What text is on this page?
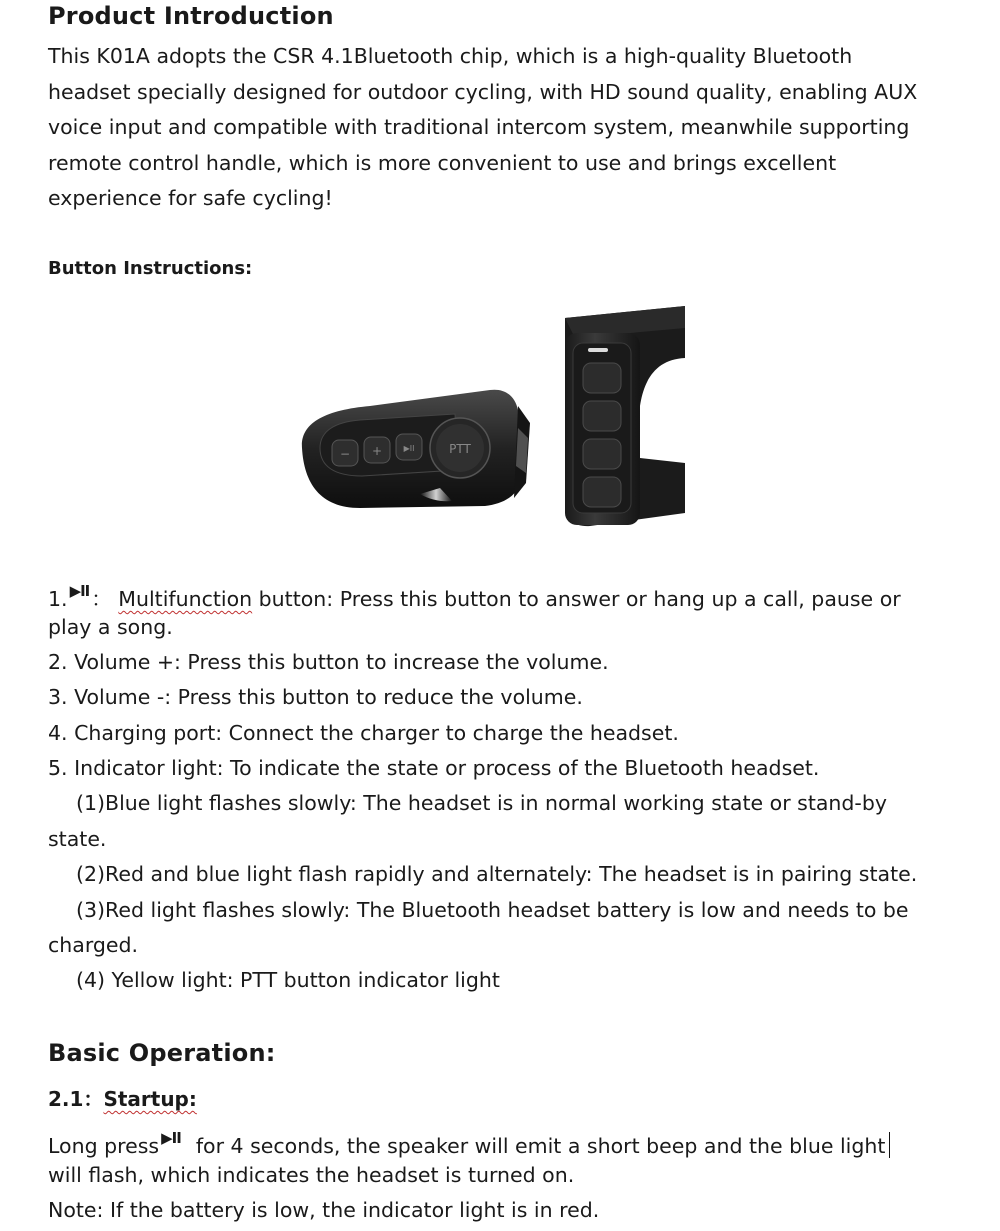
Product Introduction
This K01A adopts the CSR 4.1Bluetooth chip, which is a high-quality Bluetooth
headset specially designed for outdoor cycling, with HD sound quality, enabling AUX
voice input and compatible with traditional intercom system, meanwhile supporting
remote control handle, which is more convenient to use and brings excellent
experience for safe cycling!
Button Instructions:
− +	▶II	PTT
1. ▶II： Multifunction button: Press this button to answer or hang up a call, pause or
play a song.
2. Volume +: Press this button to increase the volume.
3. Volume -: Press this button to reduce the volume.
4. Charging port: Connect the charger to charge the headset.
5. Indicator light: To indicate the state or process of the Bluetooth headset.
(1)Blue light flashes slowly: The headset is in normal working state or stand-by
state.
(2)Red and blue light flash rapidly and alternately: The headset is in pairing state.
(3)Red light flashes slowly: The Bluetooth headset battery is low and needs to be
charged.
(4) Yellow light: PTT button indicator light
Basic Operation:
2.1：Startup:
Long press ▶II  for 4 seconds, the speaker will emit a short beep and the blue light
will flash, which indicates the headset is turned on.
Note: If the battery is low, the indicator light is in red.
